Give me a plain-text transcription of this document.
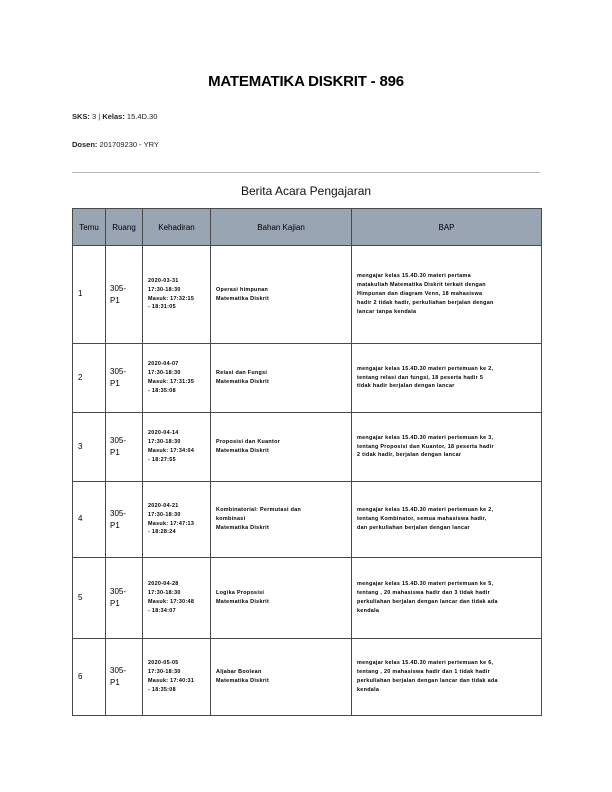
MATEMATIKA DISKRIT - 896
SKS: 3 | Kelas: 15.4D.30
Dosen: 201709230 - YRY
Berita Acara Pengajaran
Temu	Ruang	Kehadiran	Bahan Kajian	BAP
1	305-
P1	2020-03-31
17:30-18:30
Masuk: 17:32:15
- 18:31:05	Operasi himpunan
Matematika Diskrit	mengajar kelas 15.4D.30 materi pertama
matakuliah Matematika Diskrit terkait dengan
Himpunan dan diagram Venn, 18 mahasiswa
hadir 2 tidak hadir, perkuliahan berjalan dengan
lancar tanpa kendala

2	305-
P1	2020-04-07
17:30-18:30
Masuk: 17:31:35
- 18:35:08	Relasi dan Fungsi
Matematika Diskrit	mengajar kelas 15.4D.30 materi pertemuan ke 2,
tentang relasi dan fungsi, 18 peserta hadir 5
tidak hadir berjalan dengan lancar

3	305-
P1	2020-04-14
17:30-18:30
Masuk: 17:34:04
- 18:27:55	Proposisi dan Kuantor
Matematika Diskrit	mengajar kelas 15.4D.30 materi pertemuan ke 3,
tentang Proposisi dan Kuantor, 18 peserta hadir
2 tidak hadir, berjalan dengan lancar

4	305-
P1	2020-04-21
17:30-18:30
Masuk: 17:47:13
- 18:28:24	Kombinatorial: Permutasi dan
kombinasi
Matematika Diskrit	mengajar kelas 15.4D.30 materi pertemuan ke 2,
tentang Kombinator, semua mahasiswa hadir,
dan perkuliahan berjalan dengan lancar

5	305-
P1	2020-04-28
17:30-18:30
Masuk: 17:30:48
- 18:34:07	Logika Proposisi
Matematika Diskrit	mengajar kelas 15.4D.30 materi pertemuan ke 5,
tentang , 20 mahasiswa hadir dan 3 tidak hadir
perkuliahan berjalan dengan lancar dan tidak ada
kendala

6	305-
P1	2020-05-05
17:30-18:30
Masuk: 17:40:31
- 18:35:08	Aljabar Boolean
Matematika Diskrit	mengajar kelas 15.4D.30 materi pertemuan ke 6,
tentang , 20 mahasiswa hadir dan 1 tidak hadir
perkuliahan berjalan dengan lancar dan tidak ada
kendala
